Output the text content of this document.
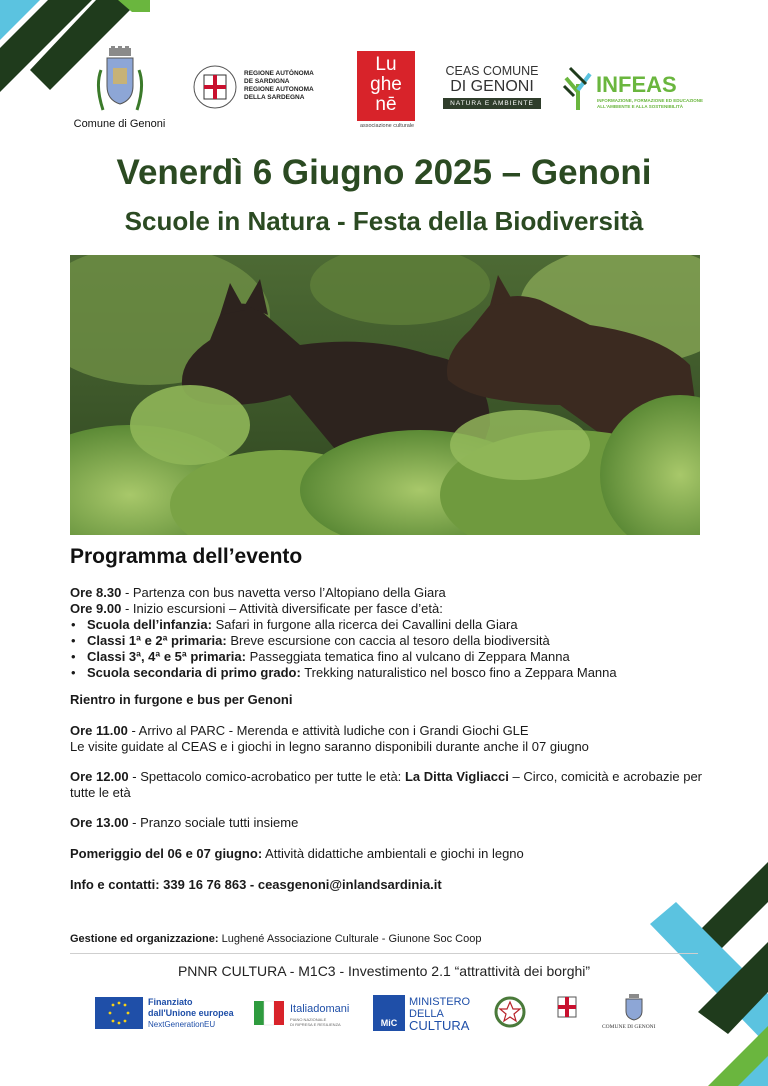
Comune di Genoni
REGIONE AUTÒNOMA
DE SARDIGNA
REGIONE AUTONOMA
DELLA SARDEGNA
Lu
ghe
nē
associazione culturale
CEAS COMUNE
DI GENONI
NATURA E AMBIENTE
INFEAS
INFORMAZIONE, FORMAZIONE ED EDUCAZIONE
ALL'AMBIENTE E ALLA SOSTENIBILITÀ
Venerdì 6 Giugno 2025 – Genoni
Scuole in Natura - Festa della Biodiversità
Programma dell’evento
Ore 8.30 - Partenza con bus navetta verso l’Altopiano della Giara
Ore 9.00 - Inizio escursioni – Attività diversificate per fasce d’età:
• Scuola dell’infanzia: Safari in furgone alla ricerca dei Cavallini della Giara
• Classi 1ª e 2ª primaria: Breve escursione con caccia al tesoro della biodiversità
• Classi 3ª, 4ª e 5ª primaria: Passeggiata tematica fino al vulcano di Zeppara Manna
• Scuola secondaria di primo grado: Trekking naturalistico nel bosco fino a Zeppara Manna
Rientro in furgone e bus per Genoni
Ore 11.00 - Arrivo al PARC - Merenda e attività ludiche con i Grandi Giochi GLE
Le visite guidate al CEAS e i giochi in legno saranno disponibili durante anche il 07 giugno
Ore 12.00 - Spettacolo comico-acrobatico per tutte le età: La Ditta Vigliacci – Circo, comicità e acrobazie per tutte le età
Ore 13.00 - Pranzo sociale tutti insieme
Pomeriggio del 06 e 07 giugno: Attività didattiche ambientali e giochi in legno
Info e contatti: 339 16 76 863 - ceasgenoni@inlandsardinia.it
Gestione ed organizzazione: Lughené Associazione Culturale - Giunone Soc Coop
PNNR CULTURA - M1C3 - Investimento 2.1 “attrattività dei borghi”
Finanziato
dall'Unione europea
NextGenerationEU
Italiadomani
PIANO NAZIONALE
DI RIPRESA E RESILIENZA	MiC
MINISTERO
DELLA
CULTURA	COMUNE DI GENONI
